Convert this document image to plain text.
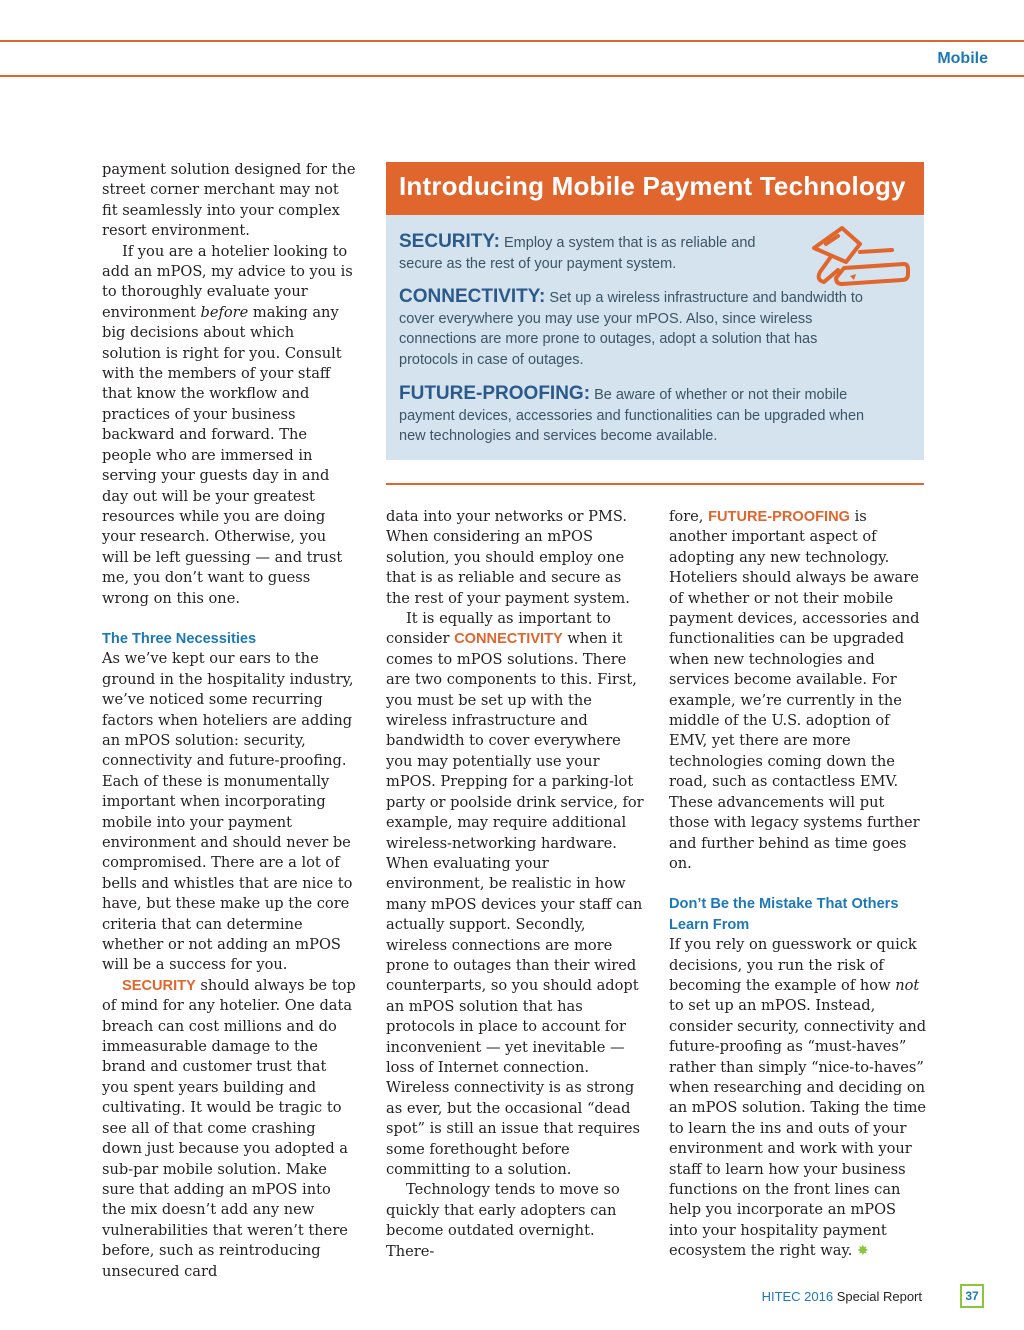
Mobile

payment solution designed for the street corner merchant may not fit seamlessly into your complex resort environment.

If you are a hotelier looking to add an mPOS, my advice to you is to thoroughly evaluate your environment before making any big decisions about which solution is right for you. Consult with the members of your staff that know the workflow and practices of your business backward and forward. The people who are immersed in serving your guests day in and day out will be your greatest resources while you are doing your research. Otherwise, you will be left guessing — and trust me, you don’t want to guess wrong on this one.

The Three Necessities

As we’ve kept our ears to the ground in the hospitality industry, we’ve noticed some recurring factors when hoteliers are adding an mPOS solution: security, connectivity and future-proofing. Each of these is monumentally important when incorporating mobile into your payment environment and should never be compromised. There are a lot of bells and whistles that are nice to have, but these make up the core criteria that can determine whether or not adding an mPOS will be a success for you.

SECURITY should always be top of mind for any hotelier. One data breach can cost millions and do immeasurable damage to the brand and customer trust that you spent years building and cultivating. It would be tragic to see all of that come crashing down just because you adopted a sub-par mobile solution. Make sure that adding an mPOS into the mix doesn’t add any new vulnerabilities that weren’t there before, such as reintroducing unsecured card

Introducing Mobile Payment Technology
SECURITY: Employ a system that is as reliable and secure as the rest of your payment system.
CONNECTIVITY: Set up a wireless infrastructure and bandwidth to cover everywhere you may use your mPOS. Also, since wireless connections are more prone to outages, adopt a solution that has protocols in case of outages.
FUTURE-PROOFING: Be aware of whether or not their mobile payment devices, accessories and functionalities can be upgraded when new technologies and services become available.

data into your networks or PMS. When considering an mPOS solution, you should employ one that is as reliable and secure as the rest of your payment system.

It is equally as important to consider CONNECTIVITY when it comes to mPOS solutions. There are two components to this. First, you must be set up with the wireless infrastructure and bandwidth to cover everywhere you may potentially use your mPOS. Prepping for a parking-lot party or poolside drink service, for example, may require additional wireless-networking hardware. When evaluating your environment, be realistic in how many mPOS devices your staff can actually support. Secondly, wireless connections are more prone to outages than their wired counterparts, so you should adopt an mPOS solution that has protocols in place to account for inconvenient — yet inevitable — loss of Internet connection. Wireless connectivity is as strong as ever, but the occasional “dead spot” is still an issue that requires some forethought before committing to a solution.

Technology tends to move so quickly that early adopters can become outdated overnight. There-

fore, FUTURE-PROOFING is another important aspect of adopting any new technology. Hoteliers should always be aware of whether or not their mobile payment devices, accessories and functionalities can be upgraded when new technologies and services become available. For example, we’re currently in the middle of the U.S. adoption of EMV, yet there are more technologies coming down the road, such as contactless EMV. These advancements will put those with legacy systems further and further behind as time goes on.

Don’t Be the Mistake That Others Learn From

If you rely on guesswork or quick decisions, you run the risk of becoming the example of how not to set up an mPOS. Instead, consider security, connectivity and future-proofing as “must-haves” rather than simply “nice-to-haves” when researching and deciding on an mPOS solution. Taking the time to learn the ins and outs of your environment and work with your staff to learn how your business functions on the front lines can help you incorporate an mPOS into your hospitality payment ecosystem the right way. ✸

HITEC 2016 Special Report	37
